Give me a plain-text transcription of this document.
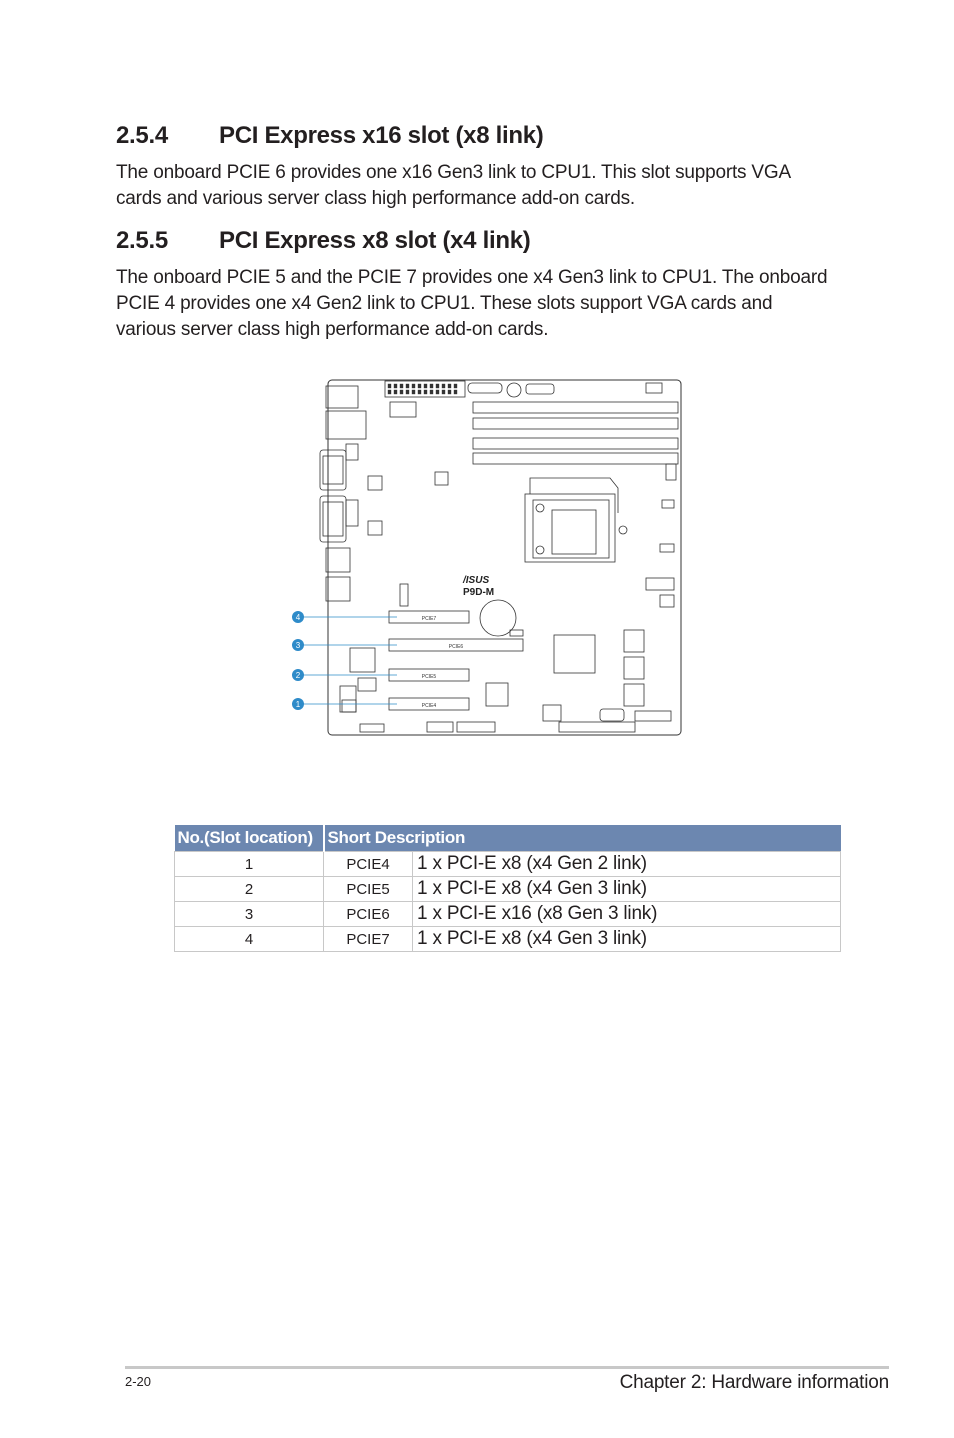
2.5.4 PCI Express x16 slot (x8 link)

The onboard PCIE 6 provides one x16 Gen3 link to CPU1. This slot supports VGA cards and various server class high performance add-on cards.

2.5.5 PCI Express x8 slot (x4 link)

The onboard PCIE 5 and the PCIE 7 provides one x4 Gen3 link to CPU1. The onboard PCIE 4 provides one x4 Gen2 link to CPU1. These slots support VGA cards and various server class high performance add-on cards.

/ISUS
P9D-M
PCIE7
PCIE6
PCIE5
PCIE4
4
3
2
1
No.(Slot location)	Short Description	
1	PCIE4	1 x PCI-E x8 (x4 Gen 2 link)
2	PCIE5	1 x PCI-E x8 (x4 Gen 3 link)
3	PCIE6	1 x PCI-E x16 (x8 Gen 3 link)
4	PCIE7	1 x PCI-E x8 (x4 Gen 3 link)
2-20	Chapter 2: Hardware information
